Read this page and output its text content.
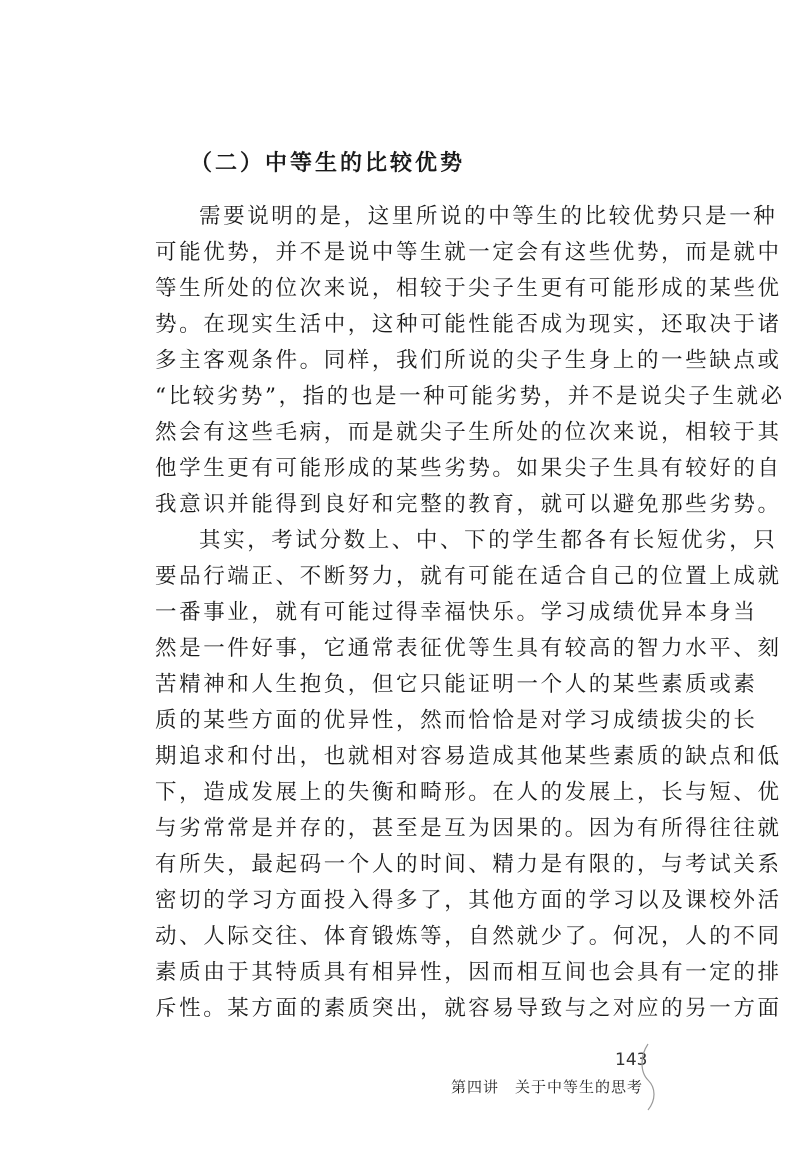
（二）中等生的比较优势
需要说明的是，这里所说的中等生的比较优势只是一种
可能优势，并不是说中等生就一定会有这些优势，而是就中
等生所处的位次来说，相较于尖子生更有可能形成的某些优
势。在现实生活中，这种可能性能否成为现实，还取决于诸
多主客观条件。同样，我们所说的尖子生身上的一些缺点或
“比较劣势”，指的也是一种可能劣势，并不是说尖子生就必
然会有这些毛病，而是就尖子生所处的位次来说，相较于其
他学生更有可能形成的某些劣势。如果尖子生具有较好的自
我意识并能得到良好和完整的教育，就可以避免那些劣势。
其实，考试分数上、中、下的学生都各有长短优劣，只
要品行端正、不断努力，就有可能在适合自己的位置上成就
一番事业，就有可能过得幸福快乐。学习成绩优异本身当
然是一件好事，它通常表征优等生具有较高的智力水平、刻
苦精神和人生抱负，但它只能证明一个人的某些素质或素
质的某些方面的优异性，然而恰恰是对学习成绩拔尖的长
期追求和付出，也就相对容易造成其他某些素质的缺点和低
下，造成发展上的失衡和畸形。在人的发展上，长与短、优
与劣常常是并存的，甚至是互为因果的。因为有所得往往就
有所失，最起码一个人的时间、精力是有限的，与考试关系
密切的学习方面投入得多了，其他方面的学习以及课校外活
动、人际交往、体育锻炼等，自然就少了。何况，人的不同
素质由于其特质具有相异性，因而相互间也会具有一定的排
斥性。某方面的素质突出，就容易导致与之对应的另一方面
143
第四讲　关于中等生的思考
